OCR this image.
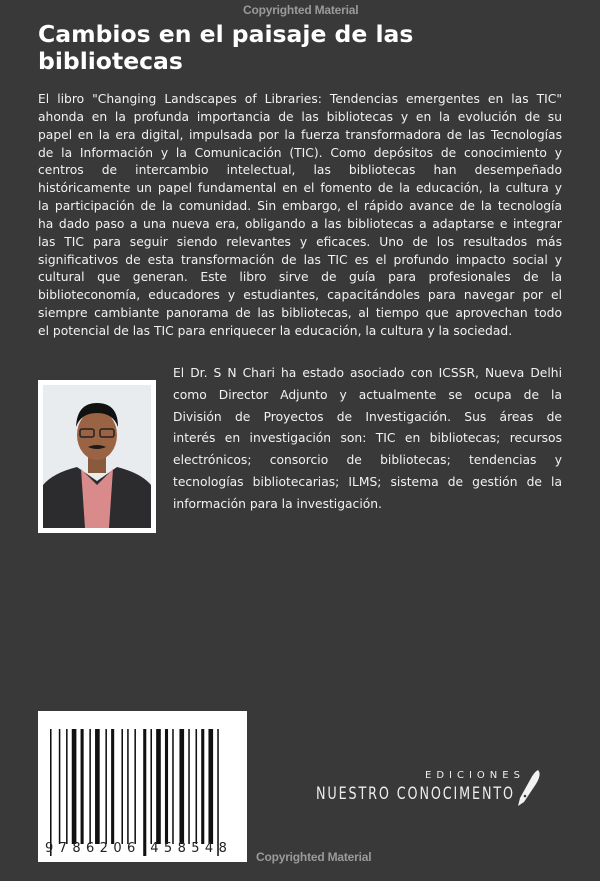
Copyrighted Material
Cambios en el paisaje de las
bibliotecas
El libro "Changing Landscapes of Libraries: Tendencias emergentes en las TIC"
ahonda en la profunda importancia de las bibliotecas y en la evolución de su
papel en la era digital, impulsada por la fuerza transformadora de las Tecnologías
de la Información y la Comunicación (TIC). Como depósitos de conocimiento y
centros de intercambio intelectual, las bibliotecas han desempeñado
históricamente un papel fundamental en el fomento de la educación, la cultura y
la participación de la comunidad. Sin embargo, el rápido avance de la tecnología
ha dado paso a una nueva era, obligando a las bibliotecas a adaptarse e integrar
las TIC para seguir siendo relevantes y eficaces. Uno de los resultados más
significativos de esta transformación de las TIC es el profundo impacto social y
cultural que generan. Este libro sirve de guía para profesionales de la
biblioteconomía, educadores y estudiantes, capacitándoles para navegar por el
siempre cambiante panorama de las bibliotecas, al tiempo que aprovechan todo
el potencial de las TIC para enriquecer la educación, la cultura y la sociedad.
El Dr. S N Chari ha estado asociado con ICSSR, Nueva Delhi
como Director Adjunto y actualmente se ocupa de la
División de Proyectos de Investigación. Sus áreas de
interés en investigación son: TIC en bibliotecas; recursos
electrónicos; consorcio de bibliotecas; tendencias y
tecnologías bibliotecarias; ILMS; sistema de gestión de la
información para la investigación.
9786206 458548
Copyrighted Material
EDICIONES
NUESTRO CONOCIMENTO
